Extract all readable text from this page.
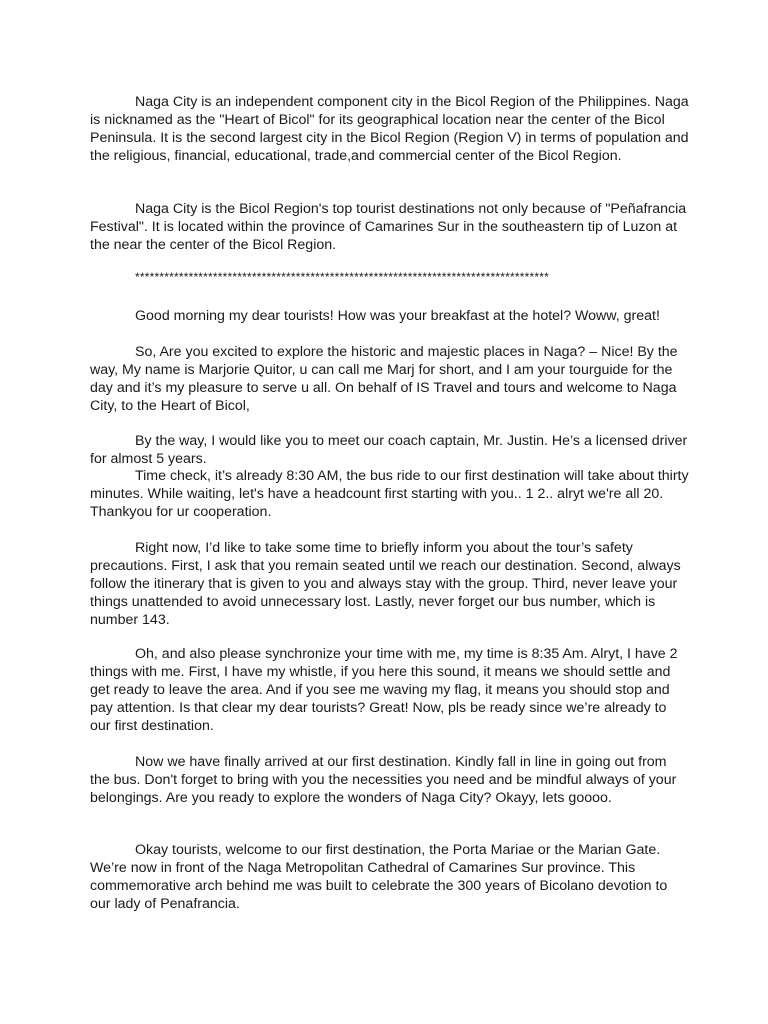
Naga City is an independent component city in the Bicol Region of the Philippines. Naga is nicknamed as the "Heart of Bicol" for its geographical location near the center of the Bicol Peninsula. It is the second largest city in the Bicol Region (Region V) in terms of population and the religious, financial, educational, trade,and commercial center of the Bicol Region.

Naga City is the Bicol Region's top tourist destinations not only because of "Peñafrancia Festival". It is located within the province of Camarines Sur in the southeastern tip of Luzon at the near the center of the Bicol Region.

*************************************************************************************

Good morning my dear tourists! How was your breakfast at the hotel? Woww, great!

So, Are you excited to explore the historic and majestic places in Naga? – Nice! By the way, My name is Marjorie Quitor, u can call me Marj for short, and I am your tourguide for the day and it’s my pleasure to serve u all. On behalf of IS Travel and tours and welcome to Naga City, to the Heart of Bicol,

By the way, I would like you to meet our coach captain, Mr. Justin. He’s a licensed driver for almost 5 years.

Time check, it’s already 8:30 AM, the bus ride to our first destination will take about thirty minutes. While waiting, let's have a headcount first starting with you.. 1 2.. alryt we're all 20. Thankyou for ur cooperation.

Right now, I’d like to take some time to briefly inform you about the tour’s safety precautions. First, I ask that you remain seated until we reach our destination. Second, always follow the itinerary that is given to you and always stay with the group. Third, never leave your things unattended to avoid unnecessary lost. Lastly, never forget our bus number, which is number 143.

Oh, and also please synchronize your time with me, my time is 8:35 Am. Alryt, I have 2 things with me. First, I have my whistle, if you here this sound, it means we should settle and get ready to leave the area. And if you see me waving my flag, it means you should stop and pay attention. Is that clear my dear tourists? Great! Now, pls be ready since we’re already to our first destination.

Now we have finally arrived at our first destination. Kindly fall in line in going out from the bus. Don't forget to bring with you the necessities you need and be mindful always of your belongings. Are you ready to explore the wonders of Naga City? Okayy, lets goooo.

Okay tourists, welcome to our first destination, the Porta Mariae or the Marian Gate. We’re now in front of the Naga Metropolitan Cathedral of Camarines Sur province. This commemorative arch behind me was built to celebrate the 300 years of Bicolano devotion to our lady of Penafrancia.
